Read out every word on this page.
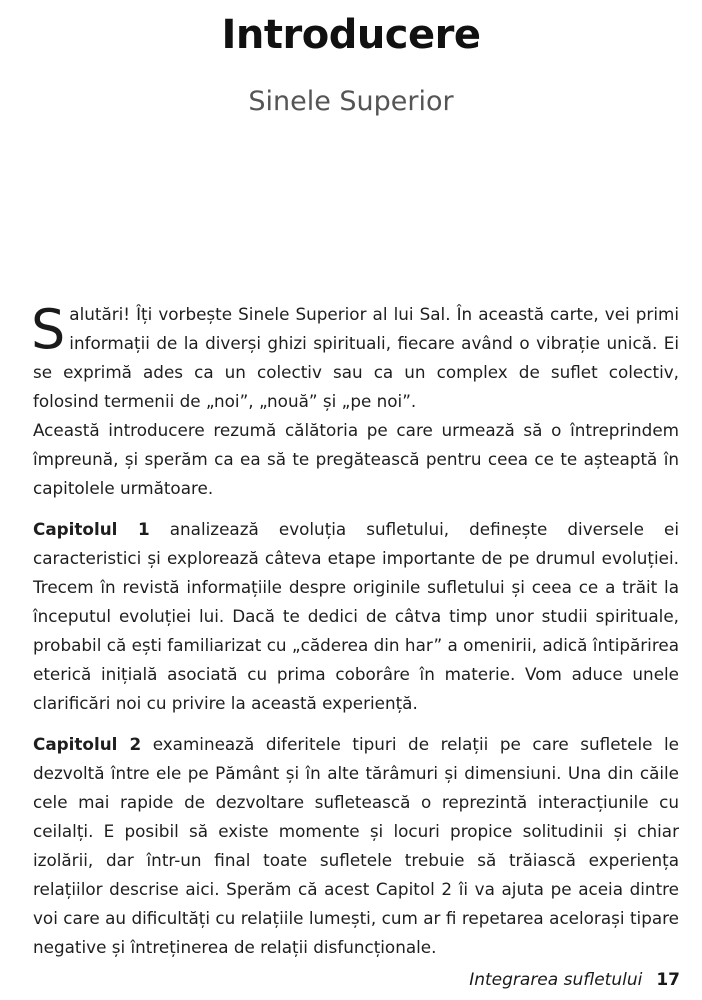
Introducere
Sinele Superior

Salutări! Îți vorbește Sinele Superior al lui Sal. În această carte, vei primi informații de la diverși ghizi spirituali, fiecare având o vibrație unică. Ei se exprimă ades ca un colectiv sau ca un complex de suflet colectiv, folosind termenii de „noi”, „nouă” și „pe noi”.

Această introducere rezumă călătoria pe care urmează să o întreprindem împreună, și sperăm ca ea să te pregătească pentru ceea ce te așteaptă în capitolele următoare.

Capitolul 1 analizează evoluția sufletului, definește diversele ei caracteristici și explorează câteva etape importante de pe drumul evoluției. Trecem în revistă informațiile despre originile sufletului și ceea ce a trăit la începutul evoluției lui. Dacă te dedici de câtva timp unor studii spirituale, probabil că ești familiarizat cu „căderea din har” a omenirii, adică întipărirea eterică inițială asociată cu prima coborâre în materie. Vom aduce unele clarificări noi cu privire la această experiență.

Capitolul 2 examinează diferitele tipuri de relații pe care sufletele le dezvoltă între ele pe Pământ și în alte tărâmuri și dimensiuni. Una din căile cele mai rapide de dezvoltare sufletească o reprezintă interacțiunile cu ceilalți. E posibil să existe momente și locuri propice solitudinii și chiar izolării, dar într-un final toate sufletele trebuie să trăiască experiența relațiilor descrise aici. Sperăm că acest Capitol 2 îi va ajuta pe aceia dintre voi care au dificultăți cu relațiile lumești, cum ar fi repetarea acelorași tipare negative și întreținerea de relații disfuncționale.

Integrarea sufletului 17
